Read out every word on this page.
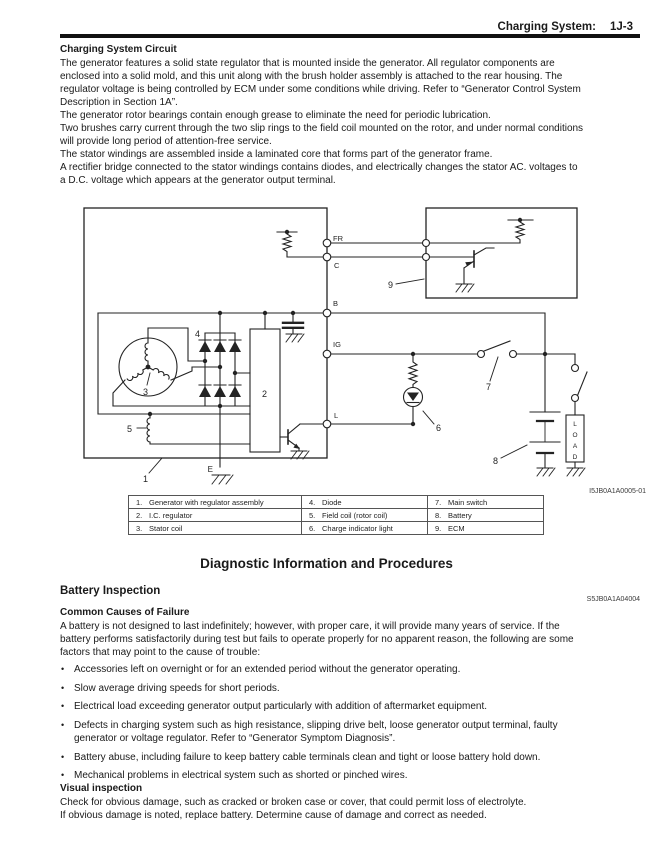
Charging System: 1J-3
Charging System Circuit
The generator features a solid state regulator that is mounted inside the generator. All regulator components are
enclosed into a solid mold, and this unit along with the brush holder assembly is attached to the rear housing. The
regulator voltage is being controlled by ECM under some conditions while driving. Refer to “Generator Control System
Description in Section 1A”.
The generator rotor bearings contain enough grease to eliminate the need for periodic lubrication.
Two brushes carry current through the two slip rings to the field coil mounted on the rotor, and under normal conditions
will provide long period of attention-free service.
The stator windings are assembled inside a laminated core that forms part of the generator frame.
A rectifier bridge connected to the stator windings contains diodes, and electrically changes the stator AC. voltages to
a D.C. voltage which appears at the generator output terminal.
3
4
2
5
E
FR
C
B
IG
L
1
9
7
6
8
L
O
A
D
I5JB0A1A0005-01
1. Generator with regulator assembly	4. Diode	7. Main switch
2. I.C. regulator	5. Field coil (rotor coil)	8. Battery
3. Stator coil	6. Charge indicator light	9. ECM
Diagnostic Information and Procedures
Battery Inspection
S5JB0A1A04004
Common Causes of Failure
A battery is not designed to last indefinitely; however, with proper care, it will provide many years of service. If the
battery performs satisfactorily during test but fails to operate properly for no apparent reason, the following are some
factors that may point to the cause of trouble:
• Accessories left on overnight or for an extended period without the generator operating.
• Slow average driving speeds for short periods.
• Electrical load exceeding generator output particularly with addition of aftermarket equipment.
• Defects in charging system such as high resistance, slipping drive belt, loose generator output terminal, faulty
generator or voltage regulator. Refer to “Generator Symptom Diagnosis”.
• Battery abuse, including failure to keep battery cable terminals clean and tight or loose battery hold down.
• Mechanical problems in electrical system such as shorted or pinched wires.
Visual inspection
Check for obvious damage, such as cracked or broken case or cover, that could permit loss of electrolyte.
If obvious damage is noted, replace battery. Determine cause of damage and correct as needed.
